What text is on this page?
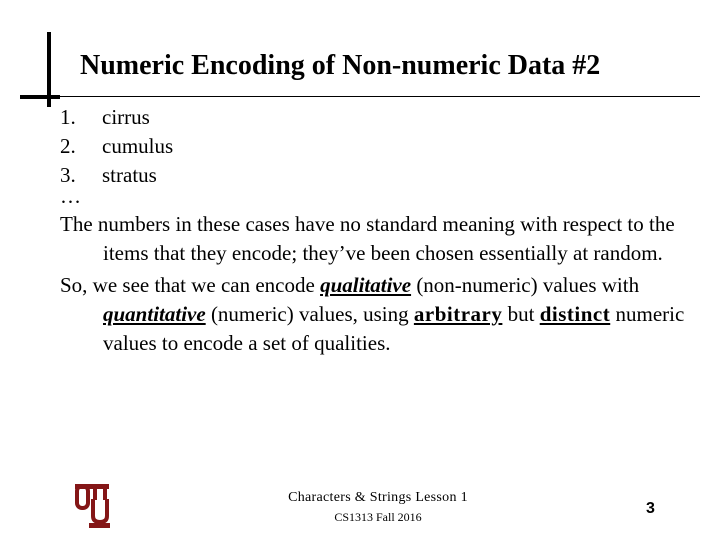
Numeric Encoding of Non-numeric Data #2
1.	cirrus
2.	cumulus
3.	stratus
…

The numbers in these cases have no standard meaning with respect to the items that they encode; they’ve been chosen essentially at random.

So, we see that we can encode qualitative (non-numeric) values with quantitative (numeric) values, using arbitrary but distinct numeric values to encode a set of qualities.

Characters & Strings Lesson 1
CS1313 Fall 2016	3
